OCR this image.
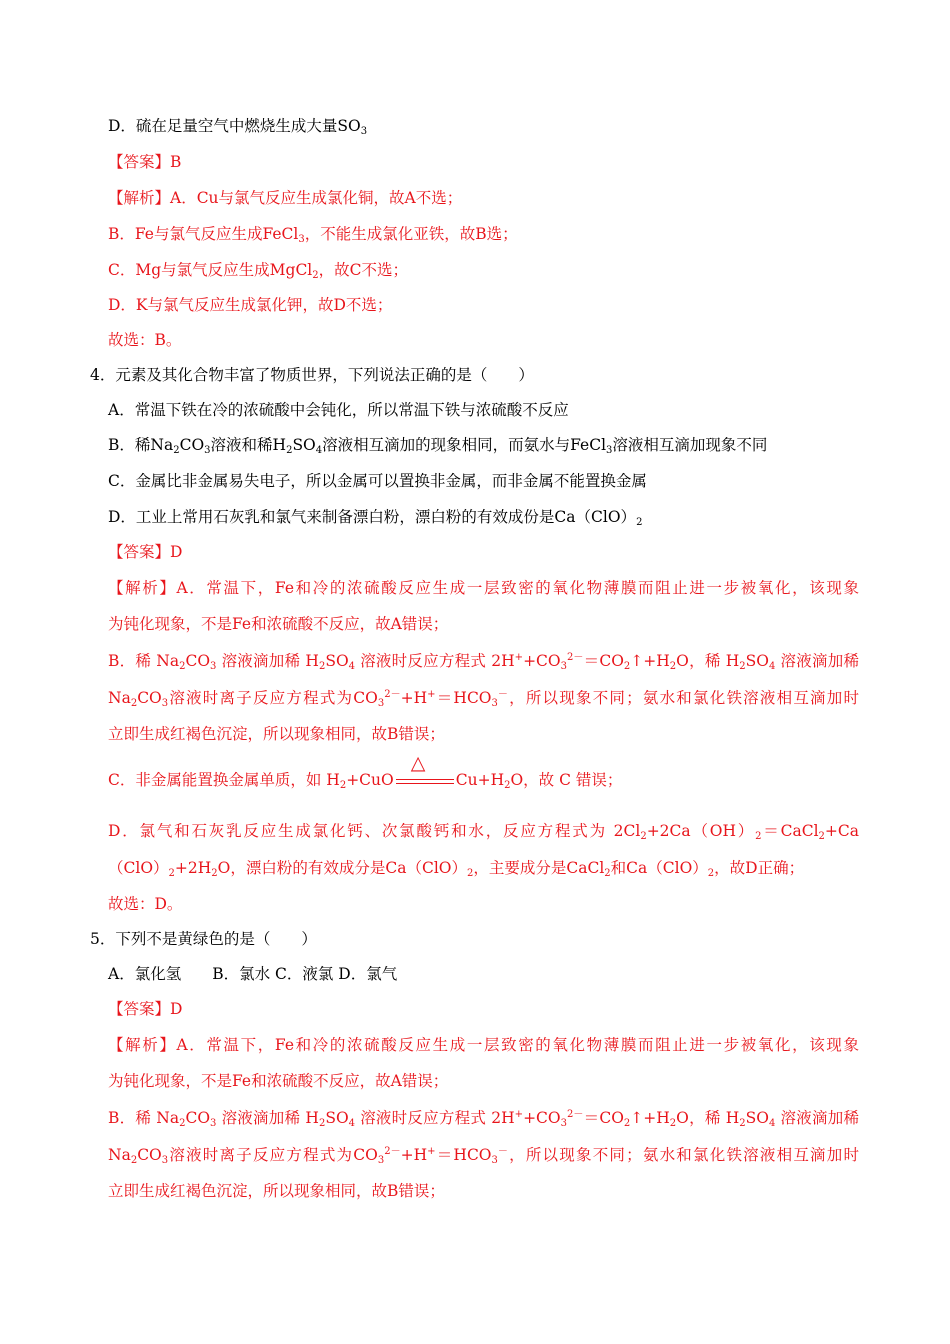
D．硫在足量空气中燃烧生成大量$SO_3$
【答案】B
【解析】A．Cu与氯气反应生成氯化铜，故A不选；
B．Fe与氯气反应生成FeCl$_3$，不能生成氯化亚铁，故B选；
C．Mg与氯气反应生成MgCl$_2$，故C不选；
D．K与氯气反应生成氯化钾，故D不选；
故选：B。
4．元素及其化合物丰富了物质世界，下列说法正确的是（　　）
A．常温下铁在冷的浓硫酸中会钝化，所以常温下铁与浓硫酸不反应
B．稀$Na_2CO_3$溶液和稀$H_2SO_4$溶液相互滴加的现象相同，而氨水与FeCl$_3$溶液相互滴加现象不同
C．金属比非金属易失电子，所以金属可以置换非金属，而非金属不能置换金属
D．工业上常用石灰乳和氯气来制备漂白粉，漂白粉的有效成份是$Ca(ClO)_2$
【答案】D
【解析】A．常温下，Fe和冷的浓硫酸反应生成一层致密的氧化物薄膜而阻止进一步被氧化，该现象
为钝化现象，不是Fe和浓硫酸不反应，故A错误；
B．稀 $Na_2CO_3$ 溶液滴加稀 $H_2SO_4$ 溶液时反应方程式 $2H^++CO_3^{2-}=CO_2↑+H_2O$，稀 $H_2SO_4$ 溶液滴加稀
$Na_2CO_3$溶液时离子反应方程式为$CO_3^{2-}+H^+=HCO_3^-$，所以现象不同；氨水和氯化铁溶液相互滴加时
立即生成红褐色沉淀，所以现象相同，故B错误；
C．非金属能置换金属单质，如 $H_2+CuO$
△
$Cu+H_2O$，故 C 错误；
D．氯气和石灰乳反应生成氯化钙、次氯酸钙和水，反应方程式为 $2Cl_2+2Ca(OH)_2=CaCl_2+Ca$
$(ClO)_2+2H_2O$，漂白粉的有效成分是$Ca(ClO)_2$，主要成分是CaCl$_2$和$Ca(ClO)_2$，故D正确；
故选：D。
5．下列不是黄绿色的是（　　）
A．氯化氢　　B．氯水 C．液氯 D．氯气
【答案】D
【解析】A．常温下，Fe和冷的浓硫酸反应生成一层致密的氧化物薄膜而阻止进一步被氧化，该现象
为钝化现象，不是Fe和浓硫酸不反应，故A错误；
B．稀 $Na_2CO_3$ 溶液滴加稀 $H_2SO_4$ 溶液时反应方程式 $2H^++CO_3^{2-}=CO_2↑+H_2O$，稀 $H_2SO_4$ 溶液滴加稀
$Na_2CO_3$溶液时离子反应方程式为$CO_3^{2-}+H^+=HCO_3^-$，所以现象不同；氨水和氯化铁溶液相互滴加时
立即生成红褐色沉淀，所以现象相同，故B错误；
